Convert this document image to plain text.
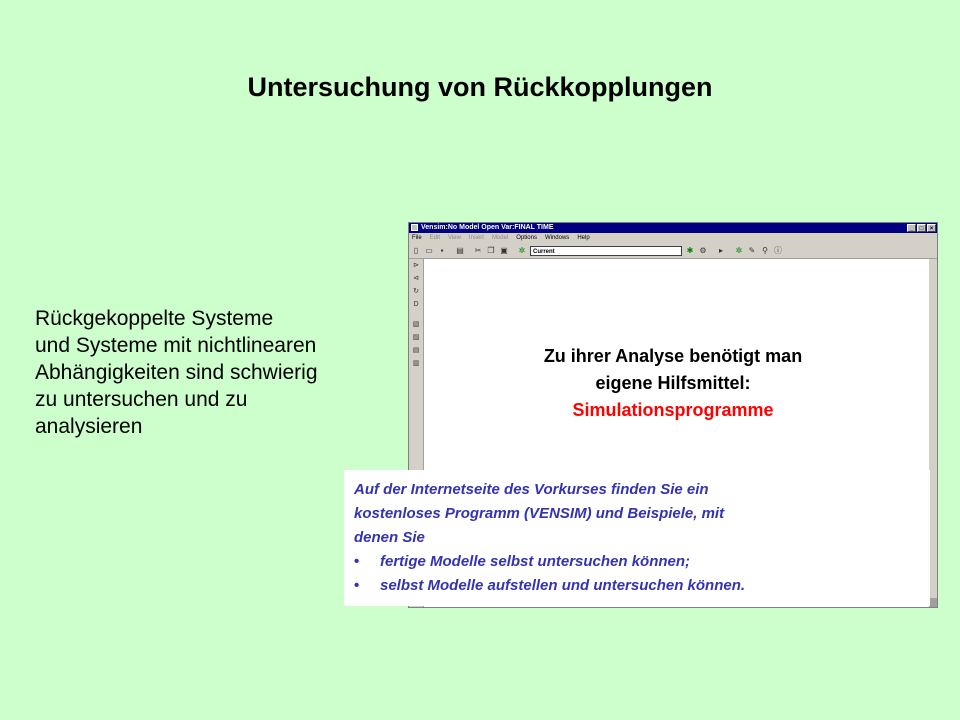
Untersuchung von Rückkopplungen
Rückgekoppelte Systeme
und Systeme mit nichtlinearen
Abhängigkeiten sind schwierig
zu untersuchen und zu
analysieren
Vensim:No Model Open Var:FINAL TIME	_	□	×
File Edit View Insert Model Options Windows Help
▯ ▭ ▪	▤ ✂ ❐ ▣ ✲	Current	✱ ⚙	▸	✲ ✎ ⚲ ⓘ
⊳
⊲
↻
D
▧
▨
▤
▥	Zu ihrer Analyse benötigt man
eigene Hilfsmittel:
Simulationsprogramme
Auf der Internetseite des Vorkurses finden Sie ein
kostenloses Programm (VENSIM) und Beispiele, mit
denen Sie
•	fertige Modelle selbst untersuchen können;
•	selbst Modelle aufstellen und untersuchen können.
